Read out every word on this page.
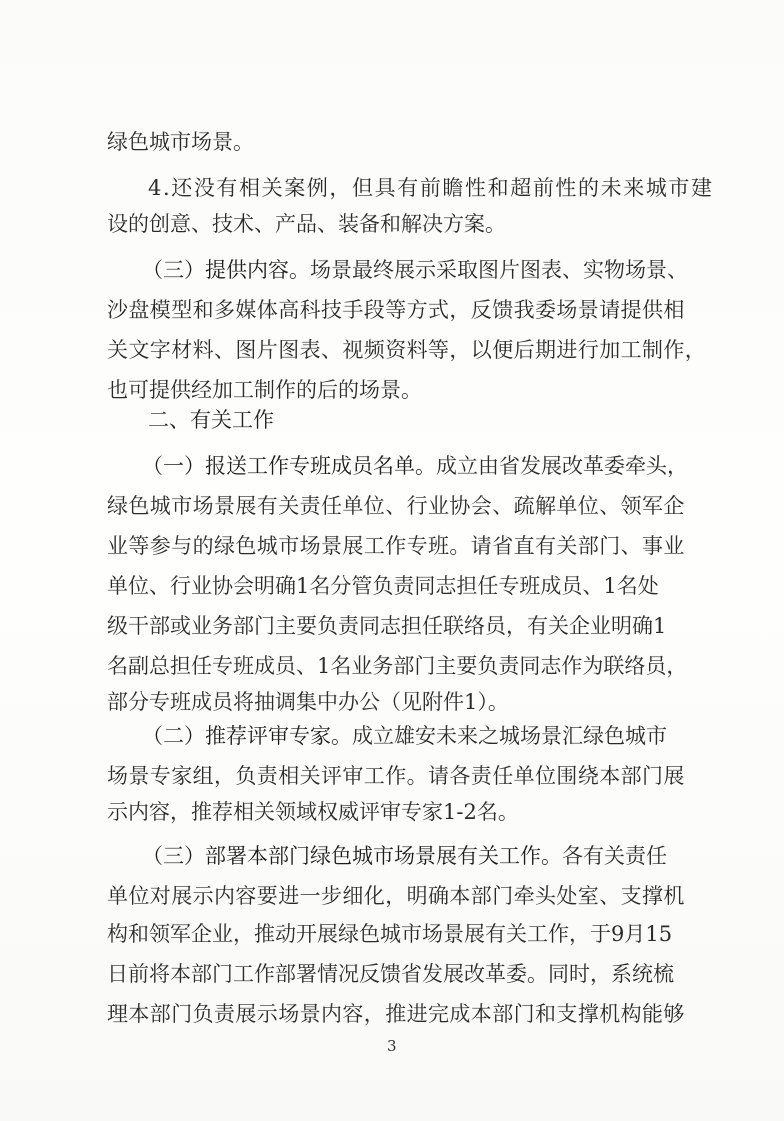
绿色城市场景。
4.还没有相关案例，但具有前瞻性和超前性的未来城市建
设的创意、技术、产品、装备和解决方案。
（三）提供内容。场景最终展示采取图片图表、实物场景、
沙盘模型和多媒体高科技手段等方式，反馈我委场景请提供相
关文字材料、图片图表、视频资料等，以便后期进行加工制作，
也可提供经加工制作的后的场景。
二、有关工作
（一）报送工作专班成员名单。成立由省发展改革委牵头，
绿色城市场景展有关责任单位、行业协会、疏解单位、领军企
业等参与的绿色城市场景展工作专班。请省直有关部门、事业
单位、行业协会明确1名分管负责同志担任专班成员、1名处
级干部或业务部门主要负责同志担任联络员，有关企业明确1
名副总担任专班成员、1名业务部门主要负责同志作为联络员，
部分专班成员将抽调集中办公（见附件1）。
（二）推荐评审专家。成立雄安未来之城场景汇绿色城市
场景专家组，负责相关评审工作。请各责任单位围绕本部门展
示内容，推荐相关领域权威评审专家1-2名。
（三）部署本部门绿色城市场景展有关工作。各有关责任
单位对展示内容要进一步细化，明确本部门牵头处室、支撑机
构和领军企业，推动开展绿色城市场景展有关工作，于9月15
日前将本部门工作部署情况反馈省发展改革委。同时，系统梳
理本部门负责展示场景内容，推进完成本部门和支撑机构能够
3
